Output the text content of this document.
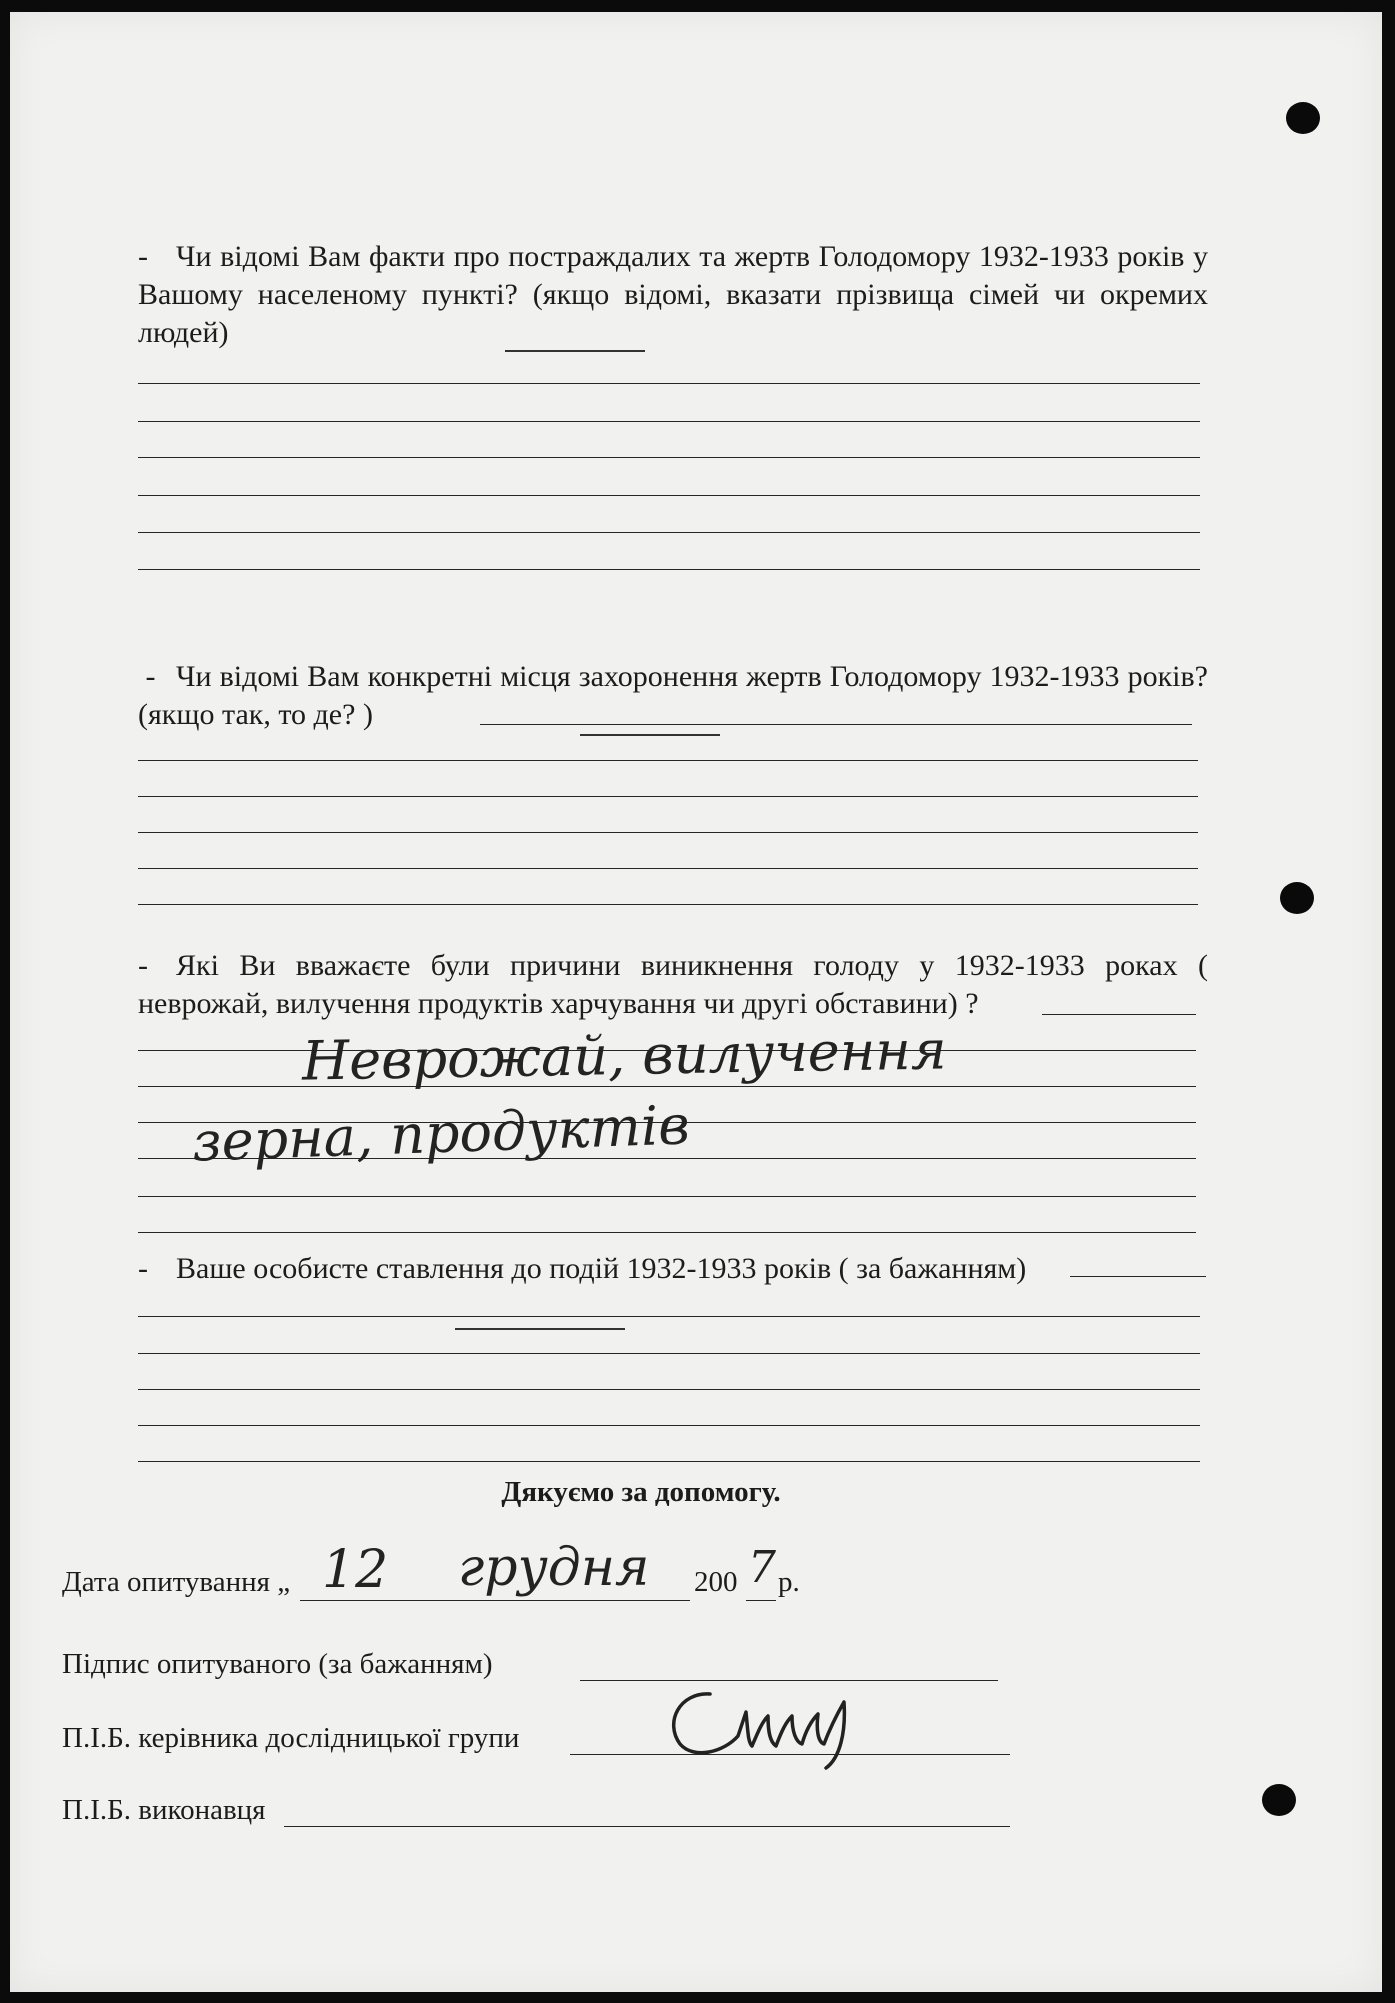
- Чи відомі Вам факти про постраждалих та жертв Голодомору 1932-1933 років у Вашому населеному пункті? (якщо відомі, вказати прізвища сімей чи окремих людей)
- Чи відомі Вам конкретні місця захоронення жертв Голодомору 1932-1933 років? (якщо так, то де? )
- Які Ви вважаєте були причини виникнення голоду у 1932-1933 роках ( неврожай, вилучення продуктів харчування чи другі обставини) ?
Неврожай, вилучення
зерна, продуктів
- Ваше особисте ставлення до подій 1932-1933 років ( за бажанням)
Дякуємо за допомогу.
Дата опитування „ 12 грудня 200 7 р.
Підпис опитуваного (за бажанням)
П.І.Б. керівника дослідницької групи
П.І.Б. виконавця
